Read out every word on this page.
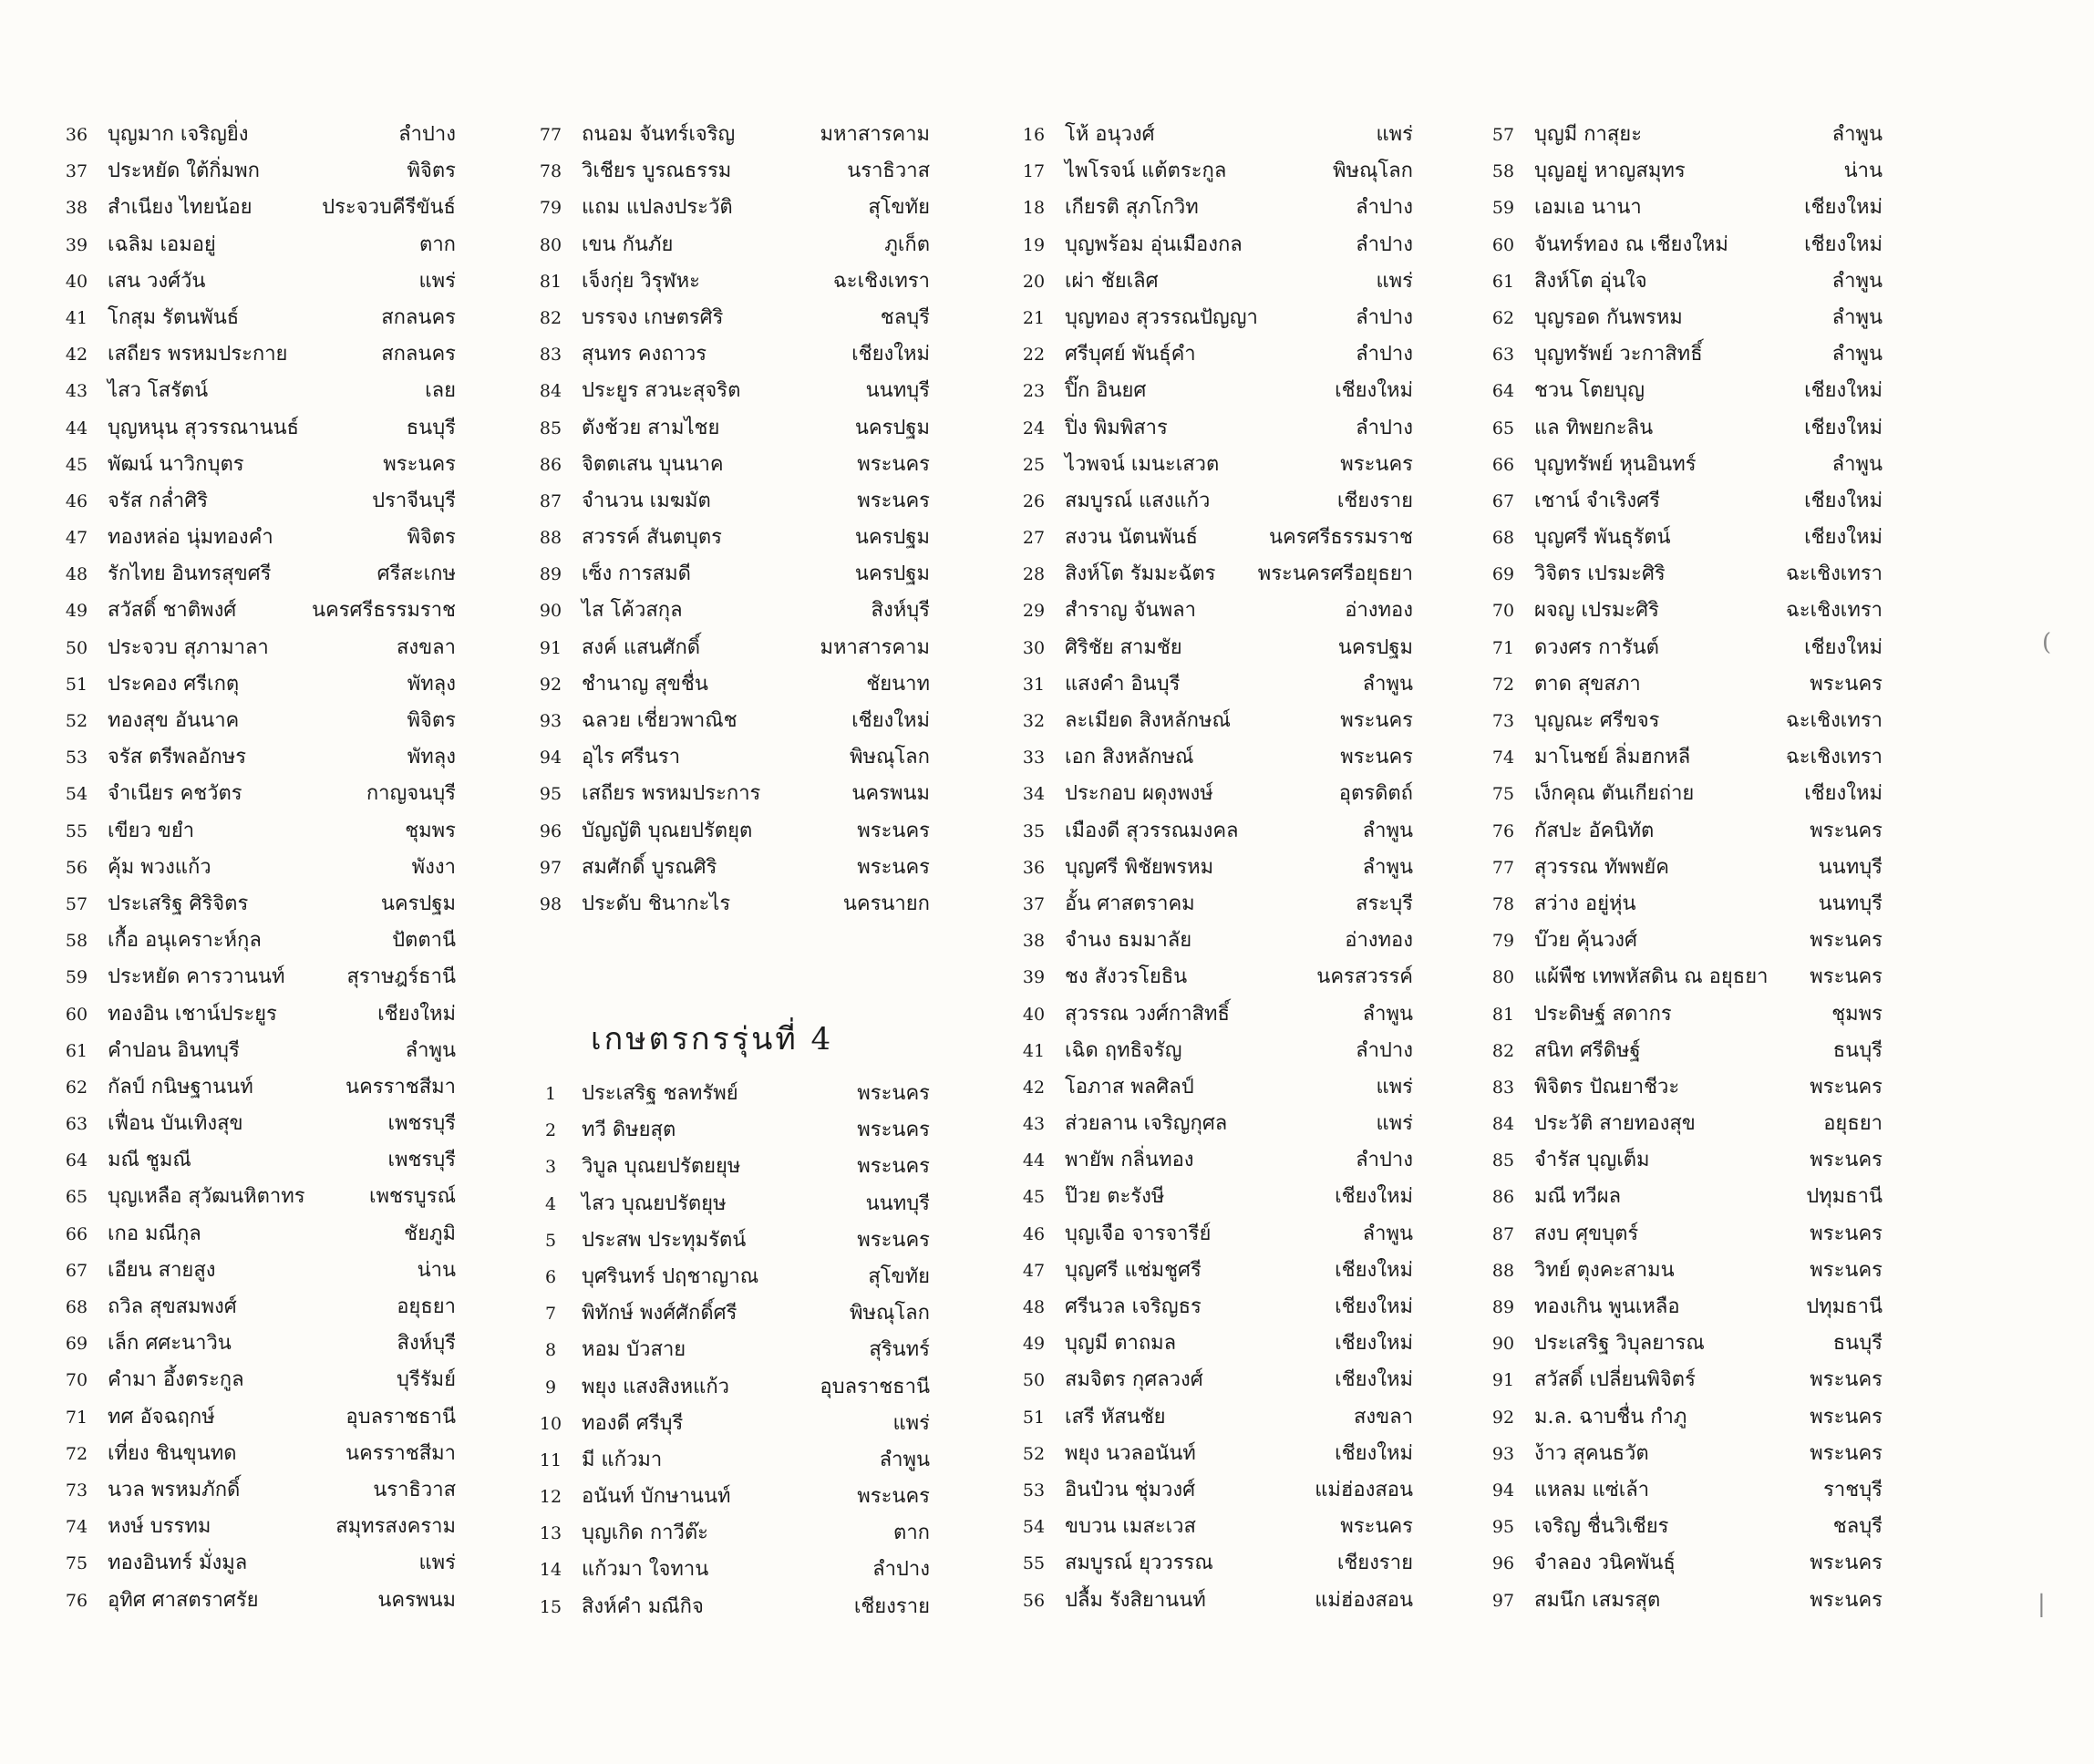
36 บุญมาก เจริญยิ่ง	ลำปาง
37 ประหยัด ใต้กิ่มพก	พิจิตร
38 สำเนียง ไทยน้อย	ประจวบคีรีขันธ์
39 เฉลิม เอมอยู่	ตาก
40 เสน วงศ์วัน	แพร่
41 โกสุม รัตนพันธ์	สกลนคร
42 เสถียร พรหมประกาย	สกลนคร
43 ไสว โสรัตน์	เลย
44 บุญหนุน สุวรรณานนธ์	ธนบุรี
45 พัฒน์ นาวิกบุตร	พระนคร
46 จรัส กล่ำศิริ	ปราจีนบุรี
47 ทองหล่อ นุ่มทองคำ	พิจิตร
48 รักไทย อินทรสุขศรี	ศรีสะเกษ
49 สวัสดิ์ ชาติพงศ์	นครศรีธรรมราช
50 ประจวบ สุภามาลา	สงขลา
51 ประคอง ศรีเกตุ	พัทลุง
52 ทองสุข อันนาค	พิจิตร
53 จรัส ตรีพลอักษร	พัทลุง
54 จำเนียร คชวัตร	กาญจนบุรี
55 เขียว ขยำ	ชุมพร
56 คุ้ม พวงแก้ว	พังงา
57 ประเสริฐ ศิริจิตร	นครปฐม
58 เกื้อ อนุเคราะห์กุล	ปัตตานี
59 ประหยัด คารวานนท์	สุราษฎร์ธานี
60 ทองอิน เชาน์ประยูร	เชียงใหม่
61 คำปอน อินทบุรี	ลำพูน
62 กัลป์ กนิษฐานนท์	นครราชสีมา
63 เฟื่อน บันเทิงสุข	เพชรบุรี
64 มณี ชูมณี	เพชรบุรี
65 บุญเหลือ สุวัฒนหิตาทร	เพชรบูรณ์
66 เกอ มณีกุล	ชัยภูมิ
67 เอียน สายสูง	น่าน
68 ถวิล สุขสมพงศ์	อยุธยา
69 เล็ก ศศะนาวิน	สิงห์บุรี
70 คำมา อึ้งตระกูล	บุรีรัมย์
71 ทศ อัจฉฤกษ์	อุบลราชธานี
72 เที่ยง ชินขุนทด	นครราชสีมา
73 นวล พรหมภักดิ์	นราธิวาส
74 หงษ์ บรรทม	สมุทรสงคราม
75 ทองอินทร์ มั่งมูล	แพร่
76 อุทิศ ศาสตราศรัย	นครพนม
77 ถนอม จันทร์เจริญ	มหาสารคาม
78 วิเชียร บูรณธรรม	นราธิวาส
79 แถม แปลงประวัติ	สุโขทัย
80 เขน กันภัย	ภูเก็ต
81 เจ็งกุ่ย วิรุฬหะ	ฉะเชิงเทรา
82 บรรจง เกษตรศิริ	ชลบุรี
83 สุนทร คงถาวร	เชียงใหม่
84 ประยูร สวนะสุจริต	นนทบุรี
85 ตังช้วย สามไชย	นครปฐม
86 จิตตเสน บุนนาค	พระนคร
87 จำนวน เมฆมัต	พระนคร
88 สวรรค์ สันตบุตร	นครปฐม
89 เซ็ง การสมดี	นครปฐม
90 ไส โค้วสกุล	สิงห์บุรี
91 สงค์ แสนศักดิ์	มหาสารคาม
92 ชำนาญ สุขชื่น	ชัยนาท
93 ฉลวย เชี่ยวพาณิช	เชียงใหม่
94 อุไร ศรีนรา	พิษณุโลก
95 เสถียร พรหมประการ	นครพนม
96 บัญญัติ บุณยปรัตยุต	พระนคร
97 สมศักดิ์ บูรณศิริ	พระนคร
98 ประดับ ชินากะไร	นครนายก
เกษตรกรรุ่นที่ 4
1	ประเสริฐ ชลทรัพย์	พระนคร
2	ทวี ดิษยสุต	พระนคร
3	วิบูล บุณยปรัตยยุษ	พระนคร
4	ไสว บุณยปรัตยุษ	นนทบุรี
5	ประสพ ประทุมรัตน์	พระนคร
6	บุศรินทร์ ปฤชาญาณ	สุโขทัย
7	พิทักษ์ พงศ์ศักดิ์ศรี	พิษณุโลก
8	หอม บัวสาย	สุรินทร์
9	พยุง แสงสิงหแก้ว	อุบลราชธานี
10 ทองดี ศรีบุรี	แพร่
11 มี แก้วมา	ลำพูน
12 อนันท์ บักษานนท์	พระนคร
13 บุญเกิด กาวีต๊ะ	ตาก
14 แก้วมา ใจทาน	ลำปาง
15 สิงห์คำ มณีกิจ	เชียงราย
16 โห้ อนุวงศ์	แพร่
17 ไพโรจน์ แต้ตระกูล	พิษณุโลก
18 เกียรติ สุภโกวิท	ลำปาง
19 บุญพร้อม อุ่นเมืองกล	ลำปาง
20 เผ่า ชัยเลิศ	แพร่
21 บุญทอง สุวรรณปัญญา	ลำปาง
22 ศรีบุศย์ พันธุ์คำ	ลำปาง
23 ปิ๊ก อินยศ	เชียงใหม่
24 ปิ่ง พิมพิสาร	ลำปาง
25 ไวพจน์ เมนะเสวต	พระนคร
26 สมบูรณ์ แสงแก้ว	เชียงราย
27 สงวน นัตนพันธ์	นครศรีธรรมราช
28 สิงห์โต รัมมะฉัตร	พระนครศรีอยุธยา
29 สำราญ จันพลา	อ่างทอง
30 ศิริชัย สามชัย	นครปฐม
31 แสงคำ อินบุรี	ลำพูน
32 ละเมียด สิงหลักษณ์	พระนคร
33 เอก สิงหลักษณ์	พระนคร
34 ประกอบ ผดุงพงษ์	อุตรดิตถ์
35 เมืองดี สุวรรณมงคล	ลำพูน
36 บุญศรี พิชัยพรหม	ลำพูน
37 อั้น ศาสตราคม	สระบุรี
38 จำนง ธมมาลัย	อ่างทอง
39 ชง สังวรโยธิน	นครสวรรค์
40 สุวรรณ วงศ์กาสิทธิ์	ลำพูน
41 เฉิด ฤทธิจรัญ	ลำปาง
42 โอภาส พลศิลป์	แพร่
43 ส่วยลาน เจริญกุศล	แพร่
44 พายัพ กลิ่นทอง	ลำปาง
45 ป๊วย ตะรังษี	เชียงใหม่
46 บุญเจือ จารจารีย์	ลำพูน
47 บุญศรี แช่มชูศรี	เชียงใหม่
48 ศรีนวล เจริญธร	เชียงใหม่
49 บุญมี ตาถมล	เชียงใหม่
50 สมจิตร กุศลวงศ์	เชียงใหม่
51 เสรี หัสนชัย	สงขลา
52 พยุง นวลอนันท์	เชียงใหม่
53 อินป๋วน ชุ่มวงศ์	แม่ฮ่องสอน
54 ขบวน เมสะเวส	พระนคร
55 สมบูรณ์ ยุววรรณ	เชียงราย
56 ปลื้ม รังสิยานนท์	แม่ฮ่องสอน
57 บุญมี กาสุยะ	ลำพูน
58 บุญอยู่ หาญสมุทร	น่าน
59 เอมเอ นานา	เชียงใหม่
60 จันทร์ทอง ณ เชียงใหม่	เชียงใหม่
61 สิงห์โต อุ่นใจ	ลำพูน
62 บุญรอด กันพรหม	ลำพูน
63 บุญทรัพย์ วะกาสิทธิ์	ลำพูน
64 ชวน โตยบุญ	เชียงใหม่
65 แล ทิพยกะลิน	เชียงใหม่
66 บุญทรัพย์ หุนอินทร์	ลำพูน
67 เชาน์ จำเริงศรี	เชียงใหม่
68 บุญศรี พันธุรัตน์	เชียงใหม่
69 วิจิตร เปรมะศิริ	ฉะเชิงเทรา
70 ผจญ เปรมะศิริ	ฉะเชิงเทรา
71 ดวงศร การันต์	เชียงใหม่
72 ตาด สุขสภา	พระนคร
73 บุญณะ ศรีขจร	ฉะเชิงเทรา
74 มาโนชย์ ลิ่มฮกหลี	ฉะเชิงเทรา
75 เง็กคุณ ตันเกียถ่าย	เชียงใหม่
76 กัสปะ อัคนิทัต	พระนคร
77 สุวรรณ ทัพพยัค	นนทบุรี
78 สว่าง อยู่หุ่น	นนทบุรี
79 บ๊วย คุ้นวงศ์	พระนคร
80 แผ้พืช เทพหัสดิน ณ อยุธยา	พระนคร
81 ประดิษฐ์ สดากร	ชุมพร
82 สนิท ศรีดิษฐ์	ธนบุรี
83 พิจิตร ปัณยาชีวะ	พระนคร
84 ประวัติ สายทองสุข	อยุธยา
85 จำรัส บุญเต็ม	พระนคร
86 มณี ทวีผล	ปทุมธานี
87 สงบ ศุขบุตร์	พระนคร
88 วิทย์ ตุงคะสามน	พระนคร
89 ทองเกิน พูนเหลือ	ปทุมธานี
90 ประเสริฐ วิบุลยารณ	ธนบุรี
91 สวัสดิ์ เปลี่ยนพิจิตร์	พระนคร
92 ม.ล. ฉาบชื่น กำภู	พระนคร
93 ง้าว สุคนธวัต	พระนคร
94 แหลม แซ่เล้า	ราชบุรี
95 เจริญ ชื่นวิเชียร	ชลบุรี
96 จำลอง วนิคพันธุ์	พระนคร
97 สมนึก เสมรสุต	พระนคร
(
|
